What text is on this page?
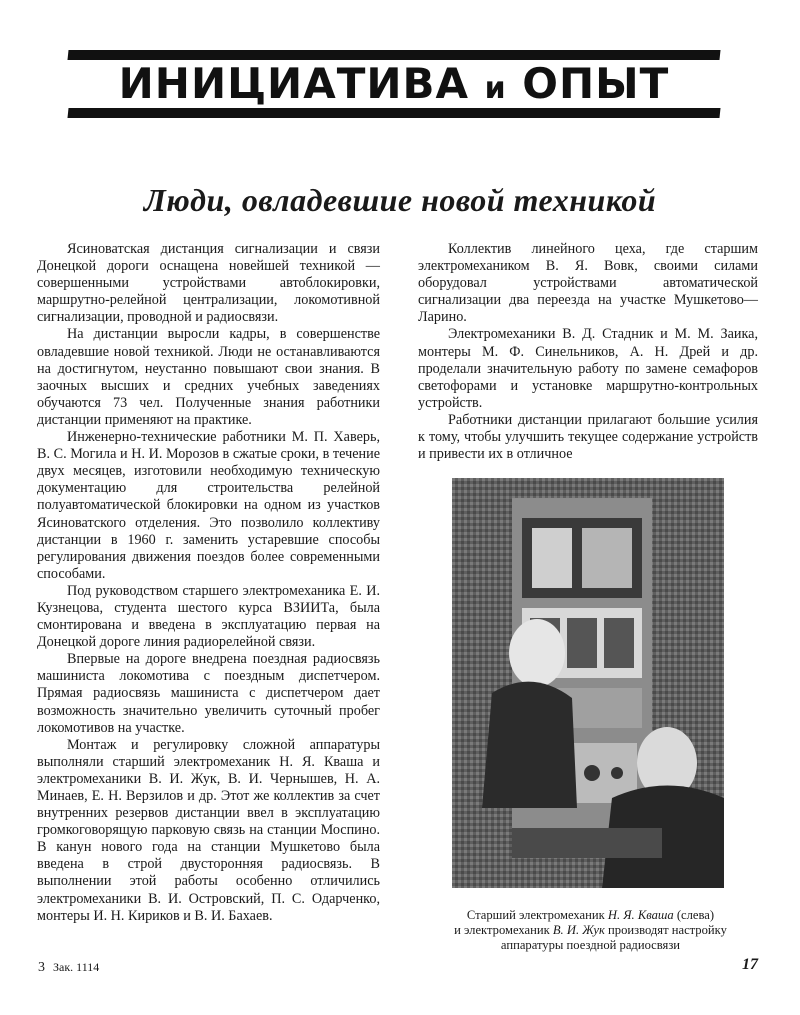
ИНИЦИАТИВА и ОПЫТ
Люди, овладевшие новой техникой

Ясиноватская дистанция сигнализации и связи Донецкой дороги оснащена новейшей техникой — совершенными устройствами автоблокировки, маршрутно-релейной централизации, локомотивной сигнализации, проводной и радиосвязи.

На дистанции выросли кадры, в совершенстве овладевшие новой техникой. Люди не останавливаются на достигнутом, неустанно повышают свои знания. В заочных высших и средних учебных заведениях обучаются 73 чел. Полученные знания работники дистанции применяют на практике.

Инженерно-технические работники М. П. Хаверь, В. С. Могила и Н. И. Морозов в сжатые сроки, в течение двух месяцев, изготовили необходимую техническую документацию для строительства релейной полуавтоматической блокировки на одном из участков Ясиноватского отделения. Это позволило коллективу дистанции в 1960 г. заменить устаревшие способы регулирования движения поездов более современными способами.

Под руководством старшего электромеханика Е. И. Кузнецова, студента шестого курса ВЗИИТа, была смонтирована и введена в эксплуатацию первая на Донецкой дороге линия радиорелейной связи.

Впервые на дороге внедрена поездная радиосвязь машиниста локомотива с поездным диспетчером. Прямая радиосвязь машиниста с диспетчером дает возможность значительно увеличить суточный пробег локомотивов на участке.

Монтаж и регулировку сложной аппаратуры выполняли старший электромеханик Н. Я. Кваша и электромеханики В. И. Жук, В. И. Чернышев, Н. А. Минаев, Е. Н. Верзилов и др. Этот же коллектив за счет внутренних резервов дистанции ввел в эксплуатацию громкоговорящую парковую связь на станции Моспино. В канун нового года на станции Мушкетово была введена в строй двусторонняя радиосвязь. В выполнении этой работы особенно отличились электромеханики В. И. Островский, П. С. Одарченко, монтеры И. Н. Кириков и В. И. Бахаев.

Коллектив линейного цеха, где старшим электромехаником В. Я. Вовк, своими силами оборудовал устройствами автоматической сигнализации два переезда на участке Мушкетово—Ларино.

Электромеханики В. Д. Стадник и М. М. Заика, монтеры М. Ф. Синельников, А. Н. Дрей и др. проделали значительную работу по замене семафоров светофорами и установке маршрутно-контрольных устройств.

Работники дистанции прилагают большие усилия к тому, чтобы улучшить текущее содержание устройств и привести их в отличное

Старший электромеханик Н. Я. Кваша (слева)
и электромеханик В. И. Жук производят настройку
аппаратуры поездной радиосвязи
3 Зак. 1114	17
